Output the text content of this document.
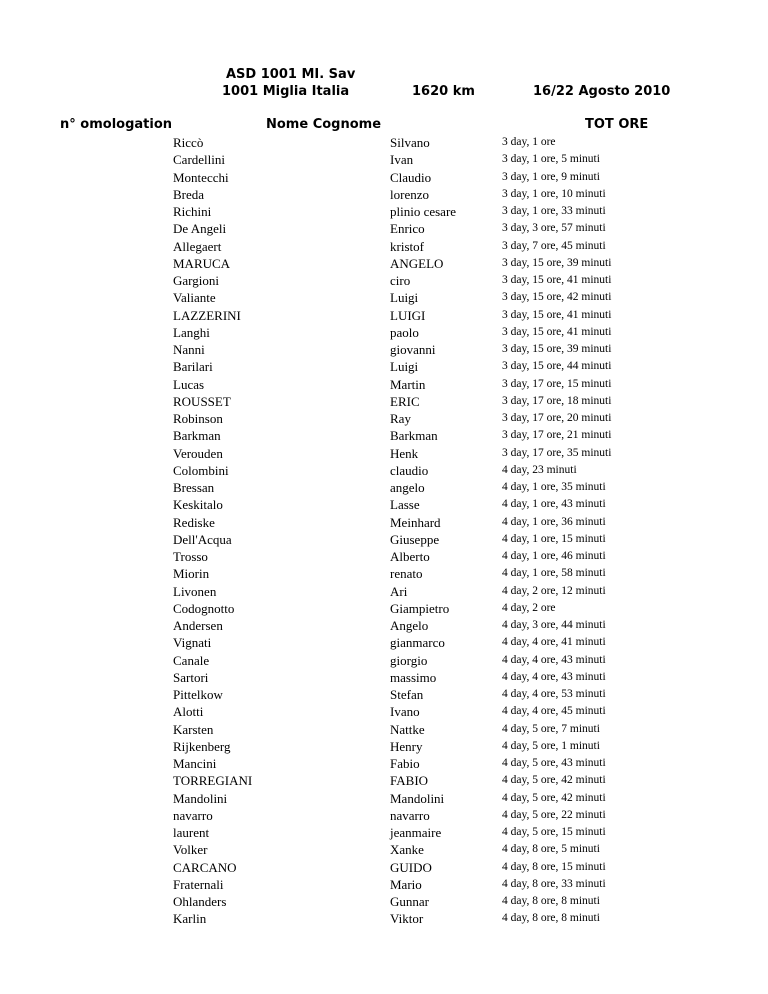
ASD 1001 MI. Sav
1001 Miglia Italia	1620 km	16/22 Agosto 2010
n° omologation	Nome Cognome	TOT ORE
Riccò	Silvano	3 day, 1 ore
Cardellini	Ivan	3 day, 1 ore, 5 minuti
Montecchi	Claudio	3 day, 1 ore, 9 minuti
Breda	lorenzo	3 day, 1 ore, 10 minuti
Richini	plinio cesare	3 day, 1 ore, 33 minuti
De Angeli	Enrico	3 day, 3 ore, 57 minuti
Allegaert	kristof	3 day, 7 ore, 45 minuti
MARUCA	ANGELO	3 day, 15 ore, 39 minuti
Gargioni	ciro	3 day, 15 ore, 41 minuti
Valiante	Luigi	3 day, 15 ore, 42 minuti
LAZZERINI	LUIGI	3 day, 15 ore, 41 minuti
Langhi	paolo	3 day, 15 ore, 41 minuti
Nanni	giovanni	3 day, 15 ore, 39 minuti
Barilari	Luigi	3 day, 15 ore, 44 minuti
Lucas	Martin	3 day, 17 ore, 15 minuti
ROUSSET	ERIC	3 day, 17 ore, 18 minuti
Robinson	Ray	3 day, 17 ore, 20 minuti
Barkman	Barkman	3 day, 17 ore, 21 minuti
Verouden	Henk	3 day, 17 ore, 35 minuti
Colombini	claudio	4 day, 23 minuti
Bressan	angelo	4 day, 1 ore, 35 minuti
Keskitalo	Lasse	4 day, 1 ore, 43 minuti
Rediske	Meinhard	4 day, 1 ore, 36 minuti
Dell'Acqua	Giuseppe	4 day, 1 ore, 15 minuti
Trosso	Alberto	4 day, 1 ore, 46 minuti
Miorin	renato	4 day, 1 ore, 58 minuti
Livonen	Ari	4 day, 2 ore, 12 minuti
Codognotto	Giampietro	4 day, 2 ore
Andersen	Angelo	4 day, 3 ore, 44 minuti
Vignati	gianmarco	4 day, 4 ore, 41 minuti
Canale	giorgio	4 day, 4 ore, 43 minuti
Sartori	massimo	4 day, 4 ore, 43 minuti
Pittelkow	Stefan	4 day, 4 ore, 53 minuti
Alotti	Ivano	4 day, 4 ore, 45 minuti
Karsten	Nattke	4 day, 5 ore, 7 minuti
Rijkenberg	Henry	4 day, 5 ore, 1 minuti
Mancini	Fabio	4 day, 5 ore, 43 minuti
TORREGIANI	FABIO	4 day, 5 ore, 42 minuti
Mandolini	Mandolini	4 day, 5 ore, 42 minuti
navarro	navarro	4 day, 5 ore, 22 minuti
laurent	jeanmaire	4 day, 5 ore, 15 minuti
Volker	Xanke	4 day, 8 ore, 5 minuti
CARCANO	GUIDO	4 day, 8 ore, 15 minuti
Fraternali	Mario	4 day, 8 ore, 33 minuti
Ohlanders	Gunnar	4 day, 8 ore, 8 minuti
Karlin	Viktor	4 day, 8 ore, 8 minuti
